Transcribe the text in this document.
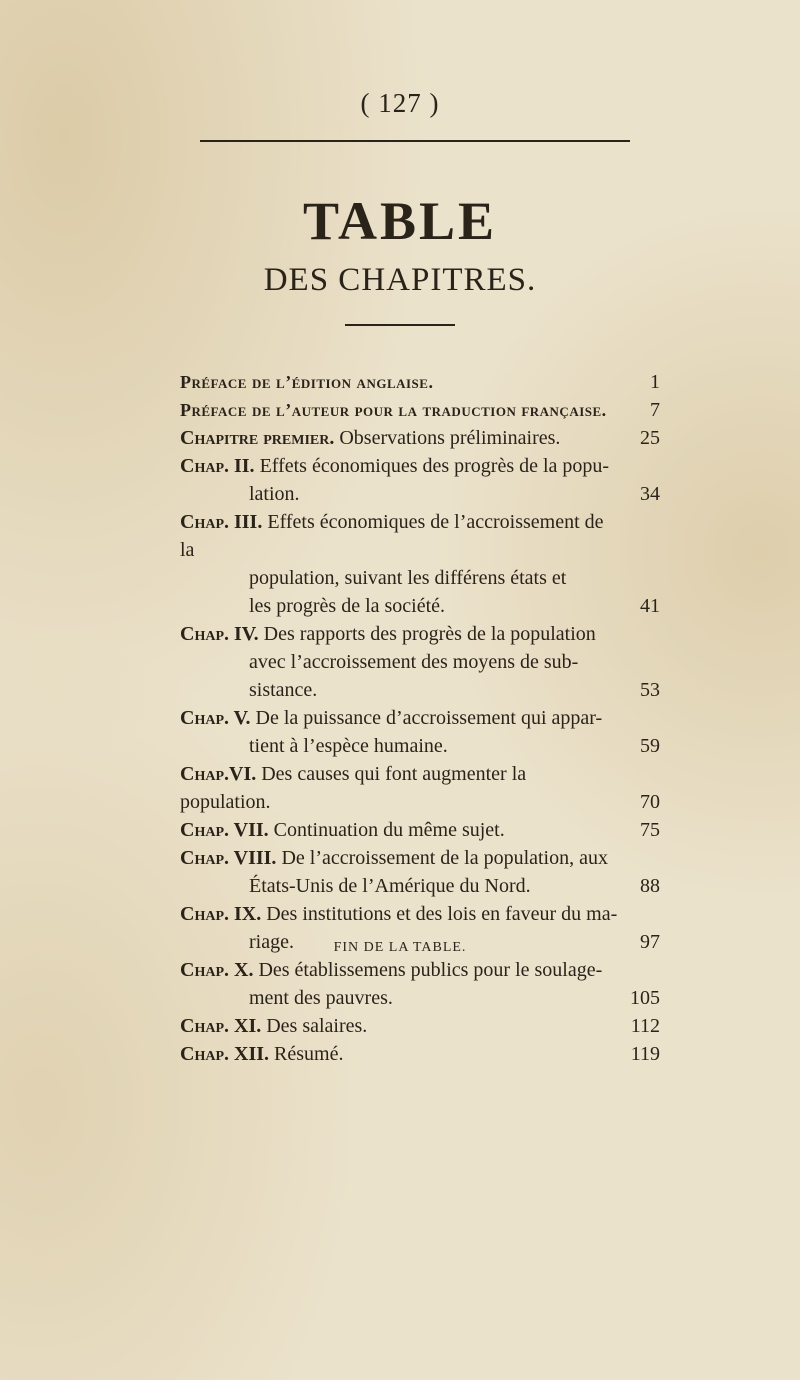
( 127 )
TABLE
DES CHAPITRES.
Préface de l’édition anglaise.	1
Préface de l’auteur pour la traduction française.	7
Chapitre premier. Observations préliminaires.	25
Chap. II. Effets économiques des progrès de la popu-
lation.	34
Chap. III. Effets économiques de l’accroissement de la
population, suivant les différens états et
les progrès de la société.	41
Chap. IV. Des rapports des progrès de la population
avec l’accroissement des moyens de sub-
sistance.	53
Chap. V. De la puissance d’accroissement qui appar-
tient à l’espèce humaine.	59
Chap.VI. Des causes qui font augmenter la population.	70
Chap. VII. Continuation du même sujet.	75
Chap. VIII. De l’accroissement de la population, aux
États-Unis de l’Amérique du Nord.	88
Chap. IX. Des institutions et des lois en faveur du ma-
riage.	97
Chap. X. Des établissemens publics pour le soulage-
ment des pauvres.	105
Chap. XI. Des salaires.	112
Chap. XII. Résumé.	119
FIN DE LA TABLE.
